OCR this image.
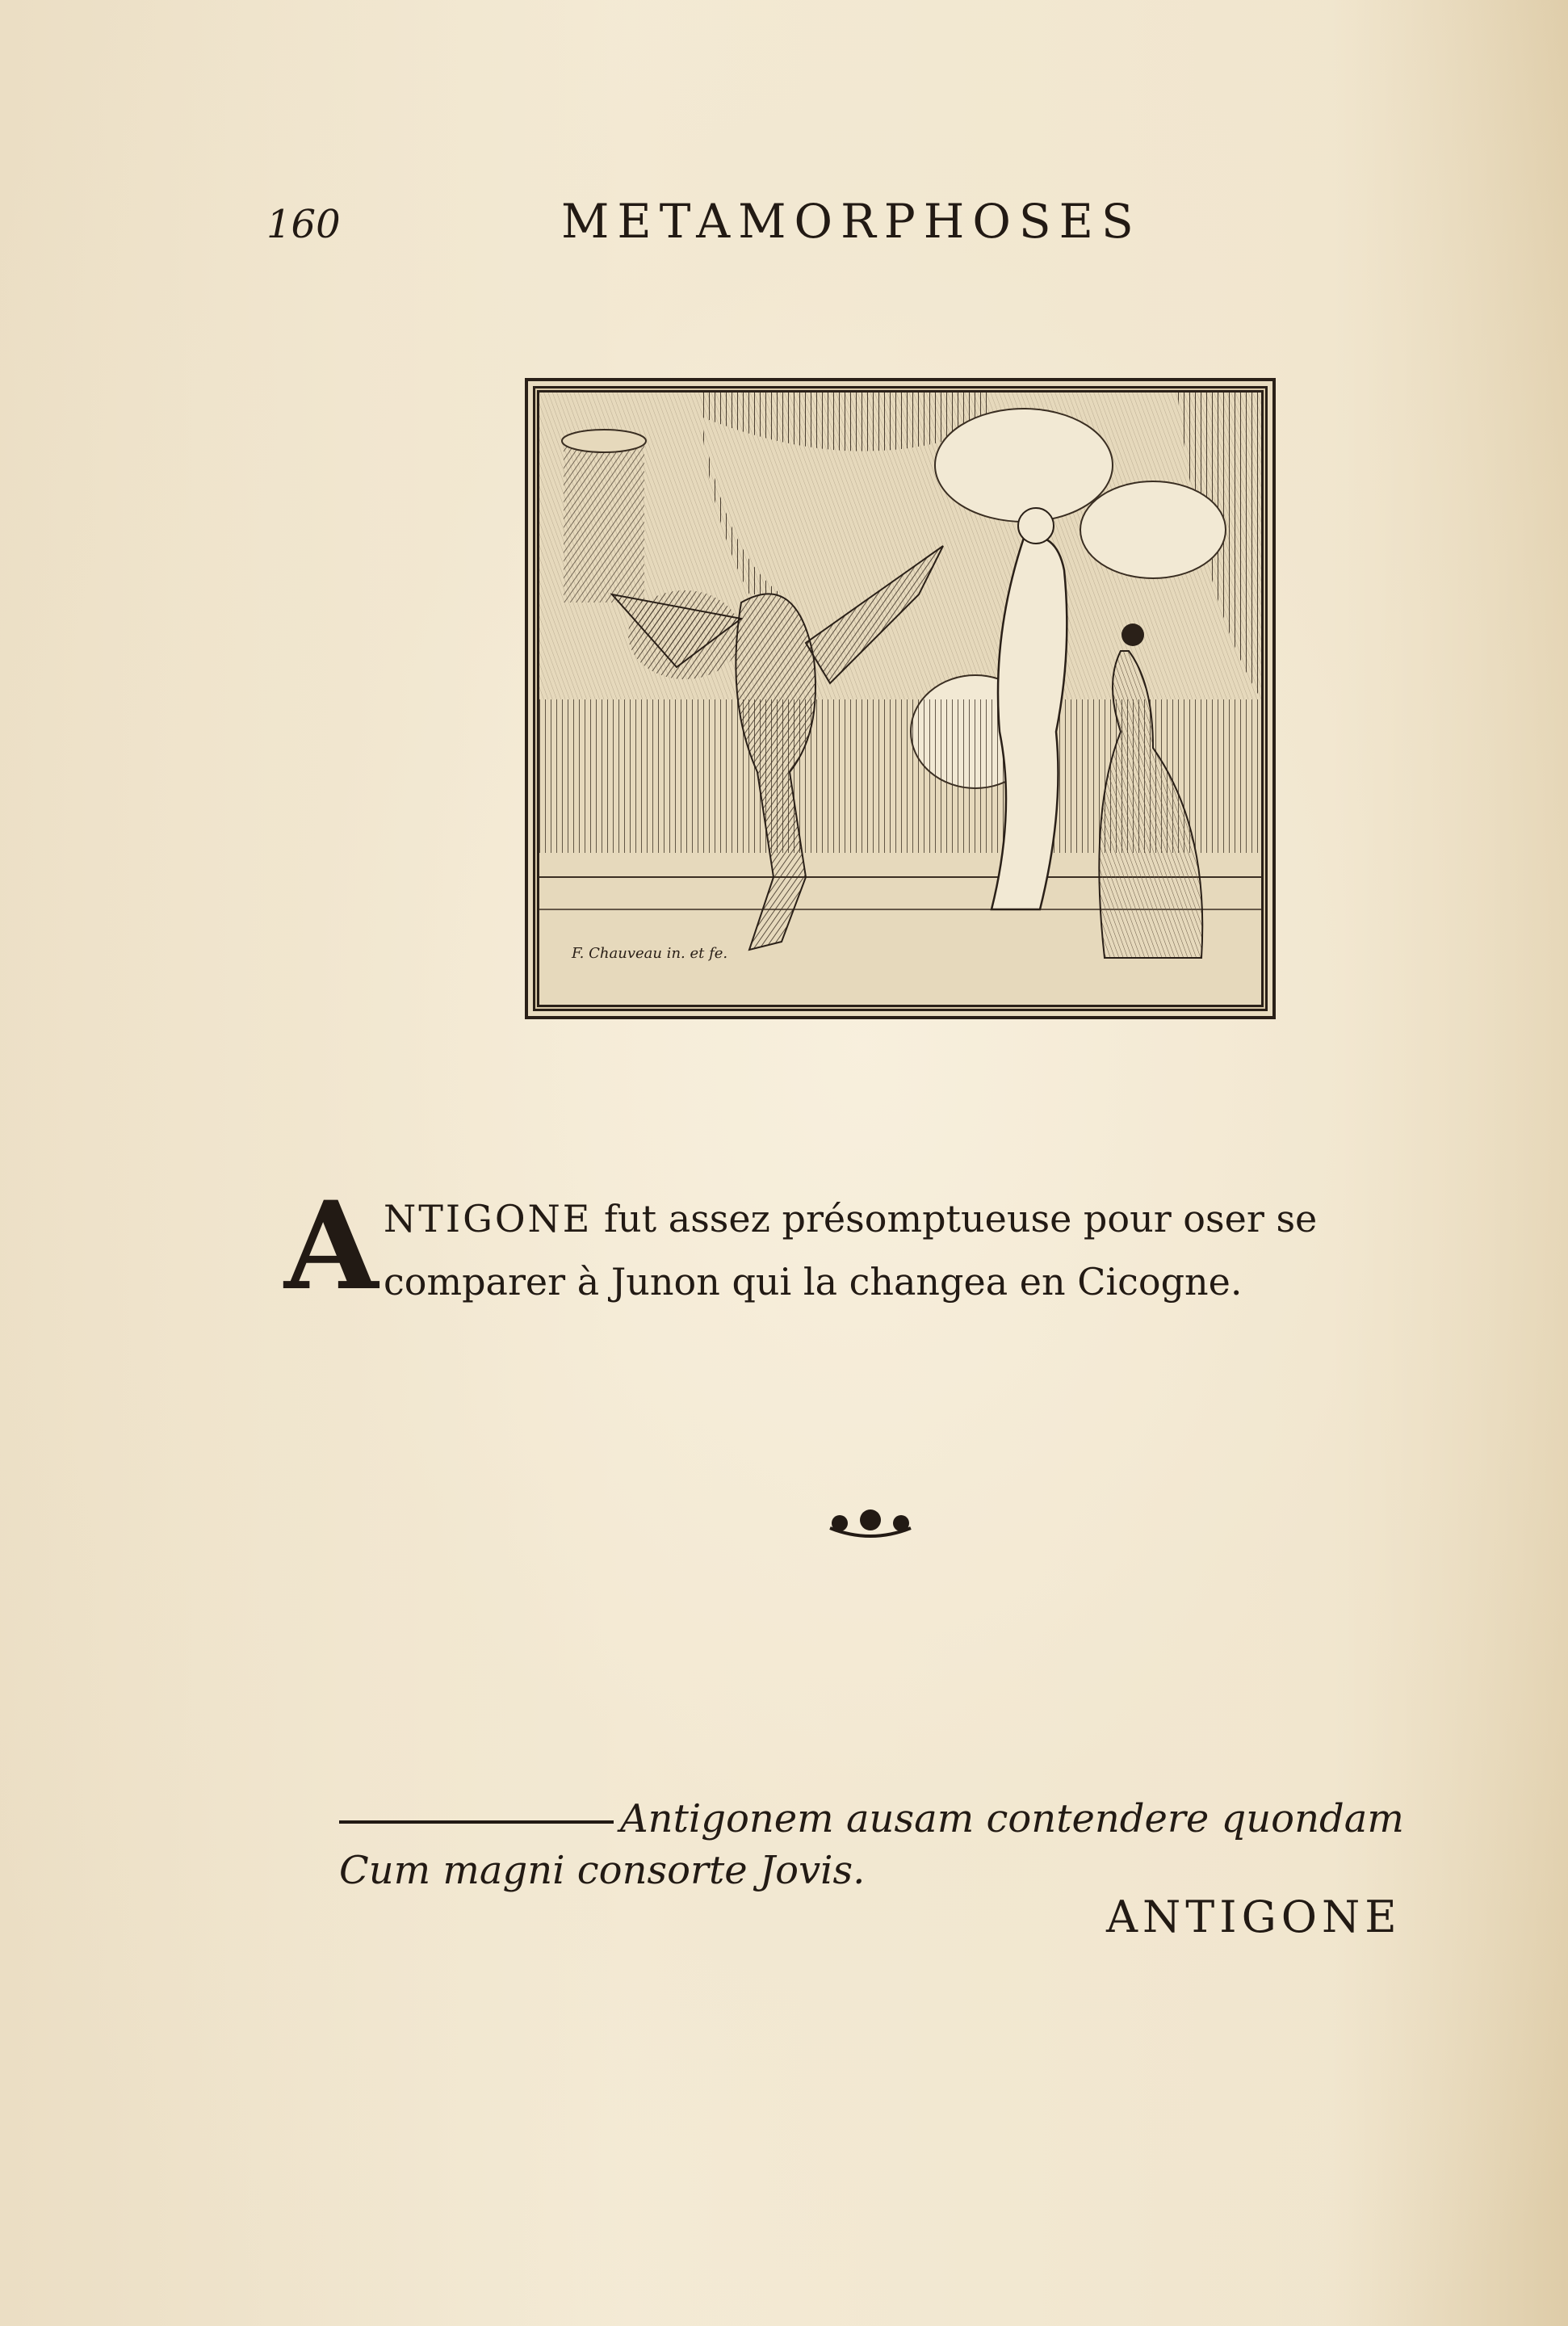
160	METAMORPHOSES
F. Chauveau in. et fe.
A NTIGONE fut assez présomptueuse pour oser se comparer à Junon qui la changea en Cicogne.
Antigonem ausam contendere quondam
Cum magni consorte Jovis.
ANTIGONE
